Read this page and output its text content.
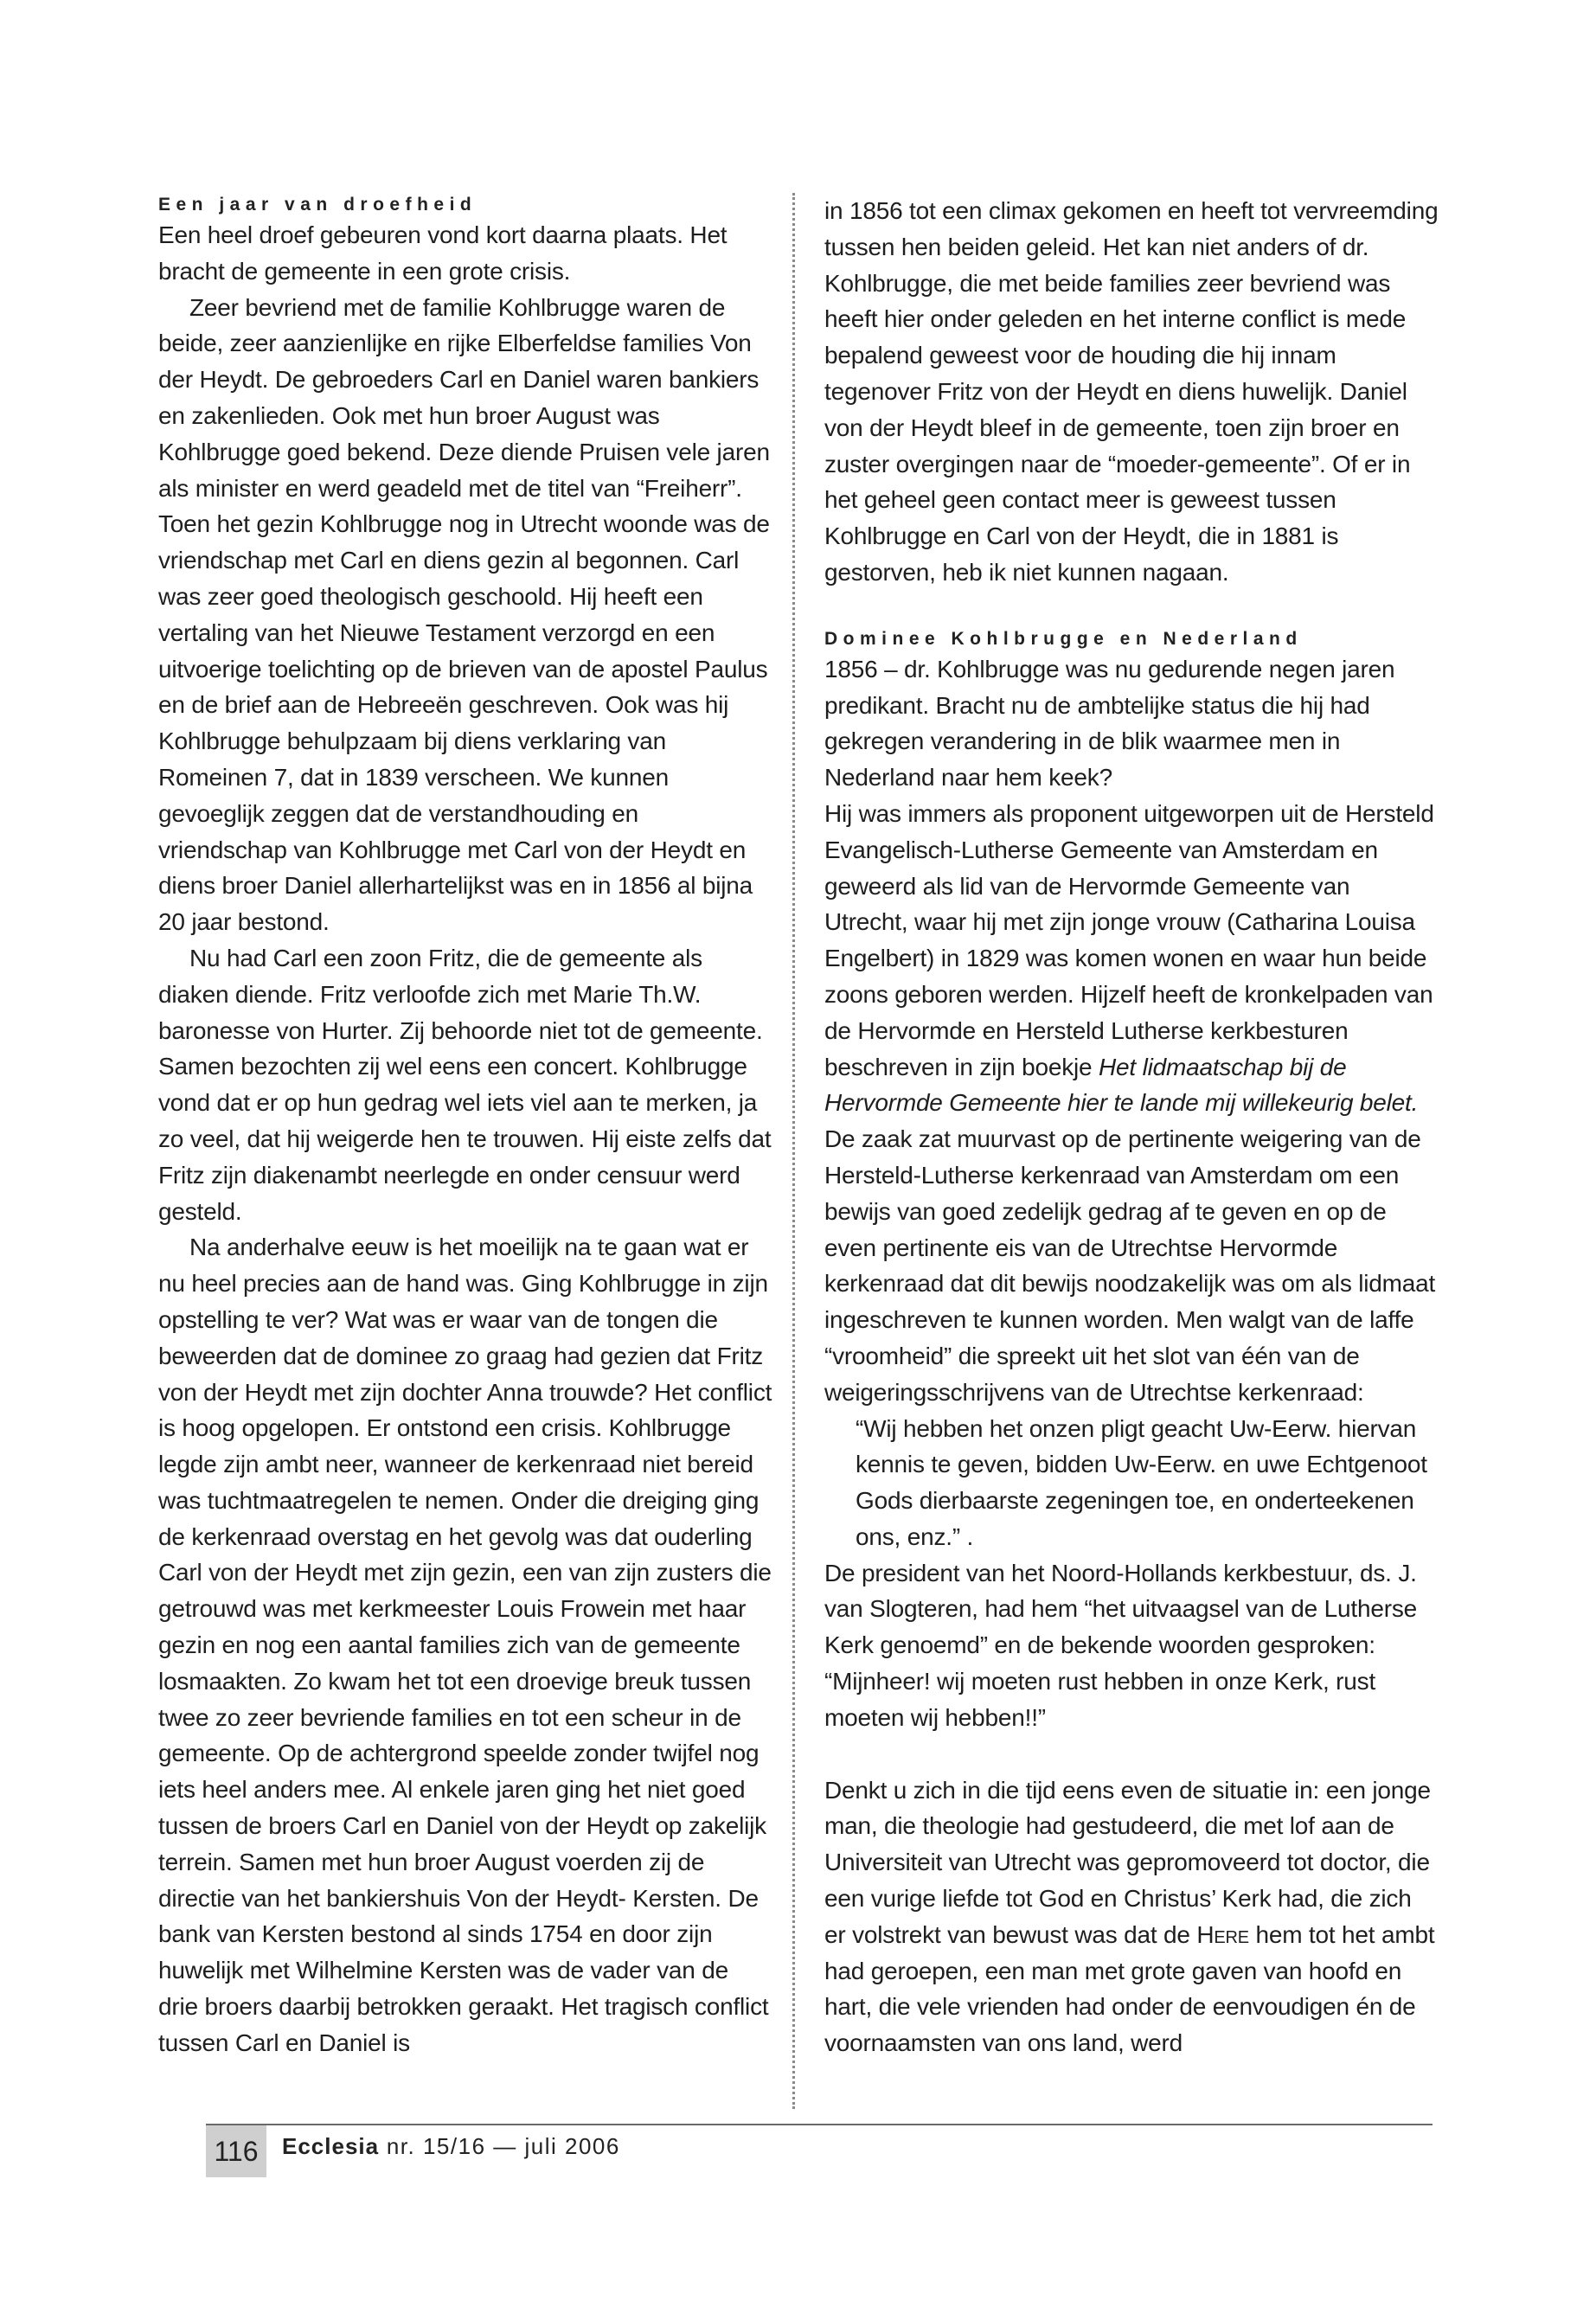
Een jaar van droefheid

Een heel droef gebeuren vond kort daarna plaats. Het bracht de gemeente in een grote crisis.

Zeer bevriend met de familie Kohlbrugge waren de beide, zeer aanzienlijke en rijke Elberfeldse families Von der Heydt. De gebroeders Carl en Daniel waren bankiers en zakenlieden. Ook met hun broer August was Kohlbrugge goed bekend. Deze diende Pruisen vele jaren als minister en werd geadeld met de titel van “Freiherr”. Toen het gezin Kohlbrugge nog in Utrecht woonde was de vriendschap met Carl en diens gezin al begonnen. Carl was zeer goed theologisch geschoold. Hij heeft een vertaling van het Nieuwe Testament verzorgd en een uitvoerige toelichting op de brieven van de apostel Paulus en de brief aan de Hebreeën geschreven. Ook was hij Kohlbrugge behulpzaam bij diens verklaring van Romeinen 7, dat in 1839 verscheen. We kunnen gevoeglijk zeggen dat de verstandhouding en vriendschap van Kohlbrugge met Carl von der Heydt en diens broer Daniel allerhartelijkst was en in 1856 al bijna 20 jaar bestond.

Nu had Carl een zoon Fritz, die de gemeente als diaken diende. Fritz verloofde zich met Marie Th.W. baronesse von Hurter. Zij behoorde niet tot de gemeente. Samen bezochten zij wel eens een concert. Kohlbrugge vond dat er op hun gedrag wel iets viel aan te merken, ja zo veel, dat hij weigerde hen te trouwen. Hij eiste zelfs dat Fritz zijn diakenambt neerlegde en onder censuur werd gesteld.

Na anderhalve eeuw is het moeilijk na te gaan wat er nu heel precies aan de hand was. Ging Kohlbrugge in zijn opstelling te ver? Wat was er waar van de tongen die beweerden dat de dominee zo graag had gezien dat Fritz von der Heydt met zijn dochter Anna trouwde? Het conflict is hoog opgelopen. Er ontstond een crisis. Kohlbrugge legde zijn ambt neer, wanneer de kerkenraad niet bereid was tuchtmaatregelen te nemen. Onder die dreiging ging de kerkenraad overstag en het gevolg was dat ouderling Carl von der Heydt met zijn gezin, een van zijn zusters die getrouwd was met kerkmeester Louis Frowein met haar gezin en nog een aantal families zich van de gemeente losmaakten. Zo kwam het tot een droevige breuk tussen twee zo zeer bevriende families en tot een scheur in de gemeente. Op de achtergrond speelde zonder twijfel nog iets heel anders mee. Al enkele jaren ging het niet goed tussen de broers Carl en Daniel von der Heydt op zakelijk terrein. Samen met hun broer August voerden zij de directie van het bankiershuis Von der Heydt- Kersten. De bank van Kersten bestond al sinds 1754 en door zijn huwelijk met Wilhelmine Kersten was de vader van de drie broers daarbij betrokken geraakt. Het tragisch conflict tussen Carl en Daniel is

in 1856 tot een climax gekomen en heeft tot vervreemding tussen hen beiden geleid. Het kan niet anders of dr. Kohlbrugge, die met beide families zeer bevriend was heeft hier onder geleden en het interne conflict is mede bepalend geweest voor de houding die hij innam tegenover Fritz von der Heydt en diens huwelijk. Daniel von der Heydt bleef in de gemeente, toen zijn broer en zuster overgingen naar de “moeder-gemeente”. Of er in het geheel geen contact meer is geweest tussen Kohlbrugge en Carl von der Heydt, die in 1881 is gestorven, heb ik niet kunnen nagaan.

Dominee Kohlbrugge en Nederland

1856 – dr. Kohlbrugge was nu gedurende negen jaren predikant. Bracht nu de ambtelijke status die hij had gekregen verandering in de blik waarmee men in Nederland naar hem keek?

Hij was immers als proponent uitgeworpen uit de Hersteld Evangelisch-Lutherse Gemeente van Amsterdam en geweerd als lid van de Hervormde Gemeente van Utrecht, waar hij met zijn jonge vrouw (Catharina Louisa Engelbert) in 1829 was komen wonen en waar hun beide zoons geboren werden. Hijzelf heeft de kronkelpaden van de Hervormde en Hersteld Lutherse kerkbesturen beschreven in zijn boekje Het lidmaatschap bij de Hervormde Gemeente hier te lande mij willekeurig belet. De zaak zat muurvast op de pertinente weigering van de Hersteld-Lutherse kerkenraad van Amsterdam om een bewijs van goed zedelijk gedrag af te geven en op de even pertinente eis van de Utrechtse Hervormde kerkenraad dat dit bewijs noodzakelijk was om als lidmaat ingeschreven te kunnen worden. Men walgt van de laffe “vroomheid” die spreekt uit het slot van één van de weigeringsschrijvens van de Utrechtse kerkenraad:

“Wij hebben het onzen pligt geacht Uw-Eerw. hiervan kennis te geven, bidden Uw-Eerw. en uwe Echtgenoot Gods dierbaarste zegeningen toe, en onderteekenen ons, enz.” .

De president van het Noord-Hollands kerkbestuur, ds. J. van Slogteren, had hem “het uitvaagsel van de Lutherse Kerk genoemd” en de bekende woorden gesproken: “Mijnheer! wij moeten rust hebben in onze Kerk, rust moeten wij hebben!!”

Denkt u zich in die tijd eens even de situatie in: een jonge man, die theologie had gestudeerd, die met lof aan de Universiteit van Utrecht was gepromoveerd tot doctor, die een vurige liefde tot God en Christus’ Kerk had, die zich er volstrekt van bewust was dat de Here hem tot het ambt had geroepen, een man met grote gaven van hoofd en hart, die vele vrienden had onder de eenvoudigen én de voornaamsten van ons land, werd

116	Ecclesia nr. 15/16 — juli 2006
